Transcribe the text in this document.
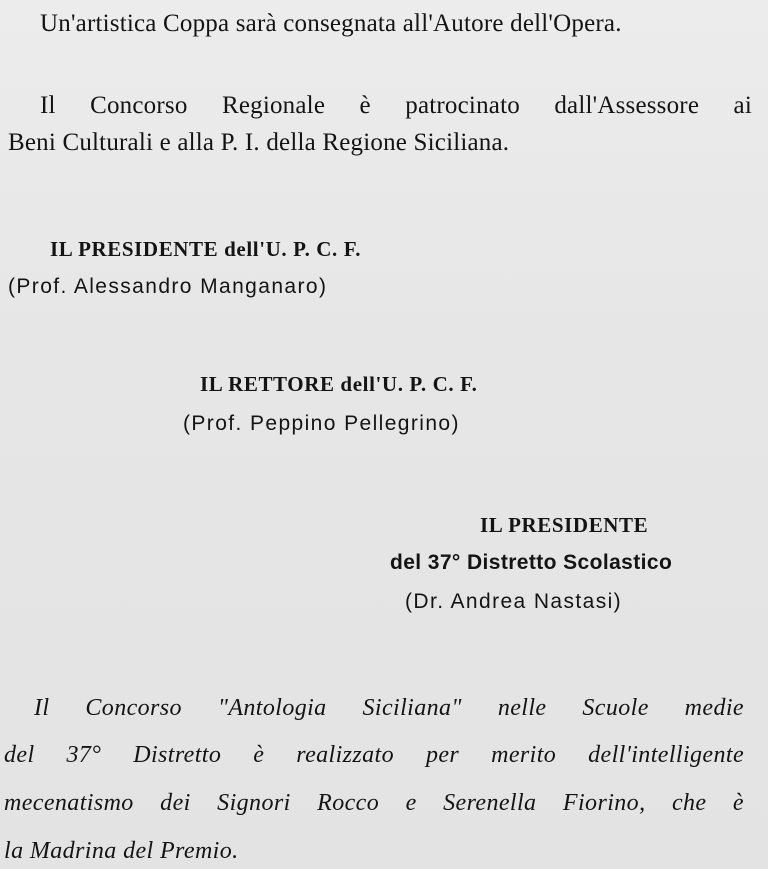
Un'artistica Coppa sarà consegnata all'Autore dell'Opera.
Il Concorso Regionale è patrocinato dall'Assessore ai
Beni Culturali e alla P. I. della Regione Siciliana.
IL PRESIDENTE dell'U. P. C. F.
(Prof. Alessandro Manganaro)
IL RETTORE dell'U. P. C. F.
(Prof. Peppino Pellegrino)
IL PRESIDENTE
del 37° Distretto Scolastico
(Dr. Andrea Nastasi)
Il Concorso "Antologia Siciliana" nelle Scuole medie
del 37° Distretto è realizzato per merito dell'intelligente
mecenatismo dei Signori Rocco e Serenella Fiorino, che è
la Madrina del Premio.
